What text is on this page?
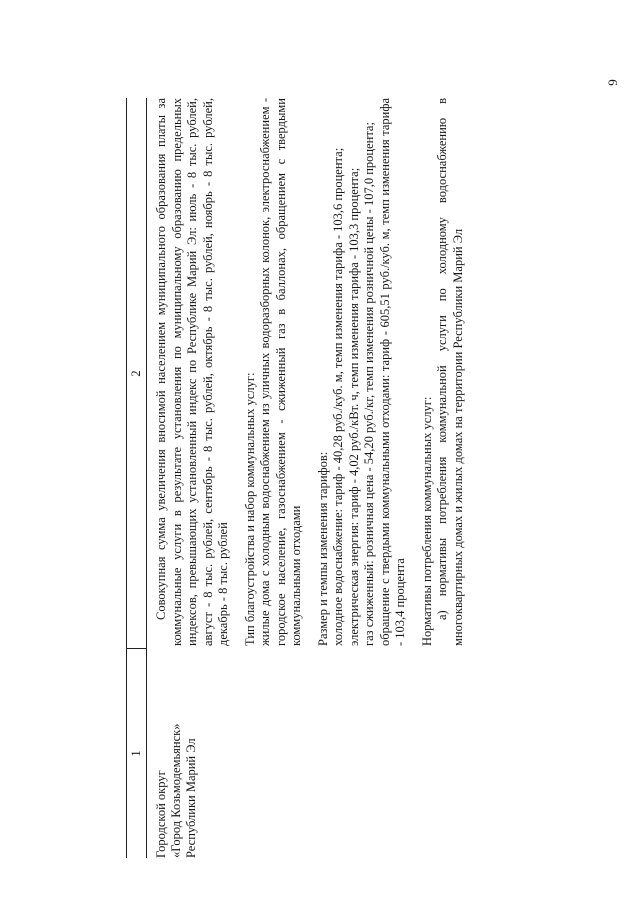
9
1
2
Городской округ «Город Козьмодемьянск» Республики Марий Эл

Совокупная сумма увеличения вносимой населением муниципального образования платы за коммунальные услуги в результате установления по муниципальному образованию предельных индексов, превышающих установленный индекс по Республике Марий Эл: июль - 8 тыс. рублей, август - 8 тыс. рублей, сентябрь - 8 тыс. рублей, октябрь - 8 тыс. рублей, ноябрь - 8 тыс. рублей, декабрь - 8 тыс. рублей Тип благоустройства и набор коммунальных услуг: жилые дома с холодным водоснабжением из уличных водоразборных колонок, электроснабжением - городское население, газоснабжением - сжиженный газ в баллонах, обращением с твердыми коммунальными отходами Размер и темпы изменения тарифов: холодное водоснабжение: тариф - 40,28 руб./куб. м, темп изменения тарифа - 103,6 процента; электрическая энергия: тариф - 4,02 руб./кВт. ч, темп изменения тарифа - 103,3 процента; газ сжиженный: розничная цена - 54,20 руб./кг, темп изменения розничной цены - 107,0 процента; обращение с твердыми коммунальными отходами: тариф - 605,51 руб./куб. м, темп изменения тарифа - 103,4 процента Нормативы потребления коммунальных услуг: а) нормативы потребления коммунальной услуги по холодному водоснабжению в многоквартирных домах и жилых домах на территории Республики Марий Эл
